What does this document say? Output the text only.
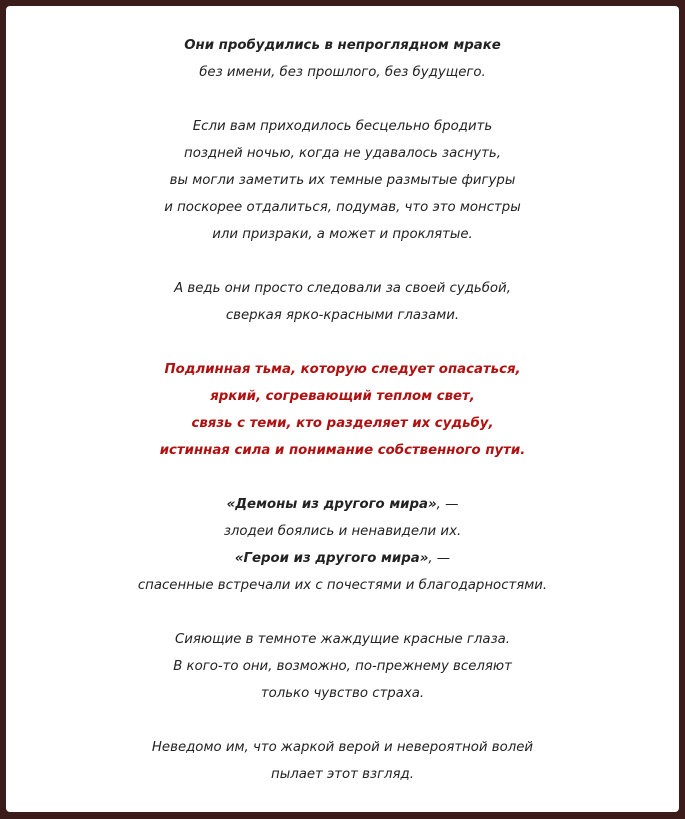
Они пробудились в непроглядном мраке
без имени, без прошлого, без будущего.
Если вам приходилось бесцельно бродить
поздней ночью, когда не удавалось заснуть,
вы могли заметить их темные размытые фигуры
и поскорее отдалиться, подумав, что это монстры
или призраки, а может и проклятые.
А ведь они просто следовали за своей судьбой,
сверкая ярко-красными глазами.
Подлинная тьма, которую следует опасаться,
яркий, согревающий теплом свет,
связь с теми, кто разделяет их судьбу,
истинная сила и понимание собственного пути.
«Демоны из другого мира», —
злодеи боялись и ненавидели их.
«Герои из другого мира», —
спасенные встречали их с почестями и благодарностями.
Сияющие в темноте жаждущие красные глаза.
В кого-то они, возможно, по-прежнему вселяют
только чувство страха.
Неведомо им, что жаркой верой и невероятной волей
пылает этот взгляд.
